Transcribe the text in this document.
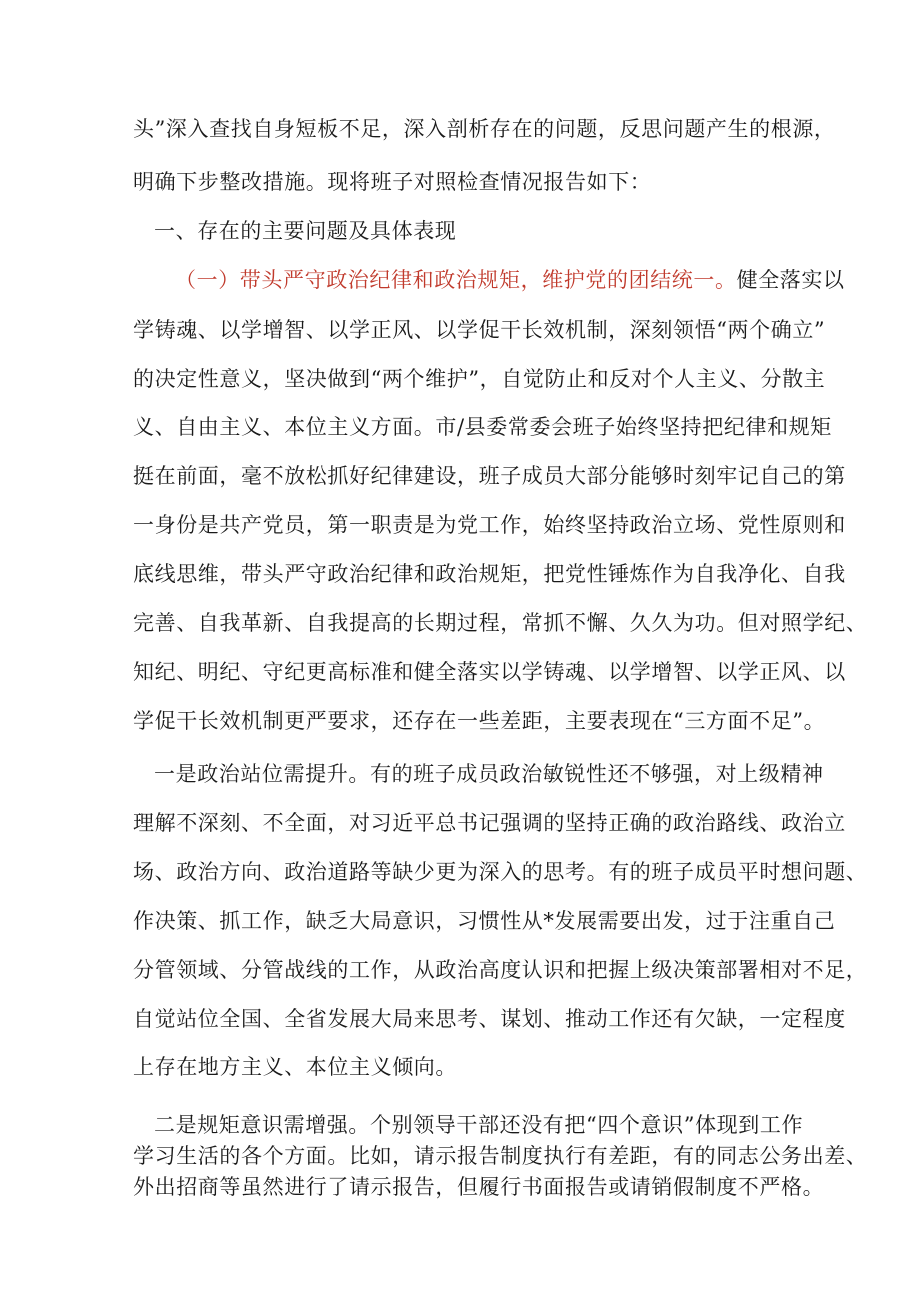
头”深入查找自身短板不足，深入剖析存在的问题，反思问题产生的根源，
明确下步整改措施。现将班子对照检查情况报告如下：
一、存在的主要问题及具体表现
（一）带头严守政治纪律和政治规矩，维护党的团结统一。健全落实以
学铸魂、以学增智、以学正风、以学促干长效机制，深刻领悟“两个确立”
的决定性意义，坚决做到“两个维护”，自觉防止和反对个人主义、分散主
义、自由主义、本位主义方面。市/县委常委会班子始终坚持把纪律和规矩
挺在前面，毫不放松抓好纪律建设，班子成员大部分能够时刻牢记自己的第
一身份是共产党员，第一职责是为党工作，始终坚持政治立场、党性原则和
底线思维，带头严守政治纪律和政治规矩，把党性锤炼作为自我净化、自我
完善、自我革新、自我提高的长期过程，常抓不懈、久久为功。但对照学纪、
知纪、明纪、守纪更高标准和健全落实以学铸魂、以学增智、以学正风、以
学促干长效机制更严要求，还存在一些差距，主要表现在“三方面不足”。
一是政治站位需提升。有的班子成员政治敏锐性还不够强，对上级精神
理解不深刻、不全面，对习近平总书记强调的坚持正确的政治路线、政治立
场、政治方向、政治道路等缺少更为深入的思考。有的班子成员平时想问题、
作决策、抓工作，缺乏大局意识，习惯性从*发展需要出发，过于注重自己
分管领域、分管战线的工作，从政治高度认识和把握上级决策部署相对不足，
自觉站位全国、全省发展大局来思考、谋划、推动工作还有欠缺，一定程度
上存在地方主义、本位主义倾向。
二是规矩意识需增强。个别领导干部还没有把“四个意识”体现到工作
学习生活的各个方面。比如，请示报告制度执行有差距，有的同志公务出差、
外出招商等虽然进行了请示报告，但履行书面报告或请销假制度不严格。
